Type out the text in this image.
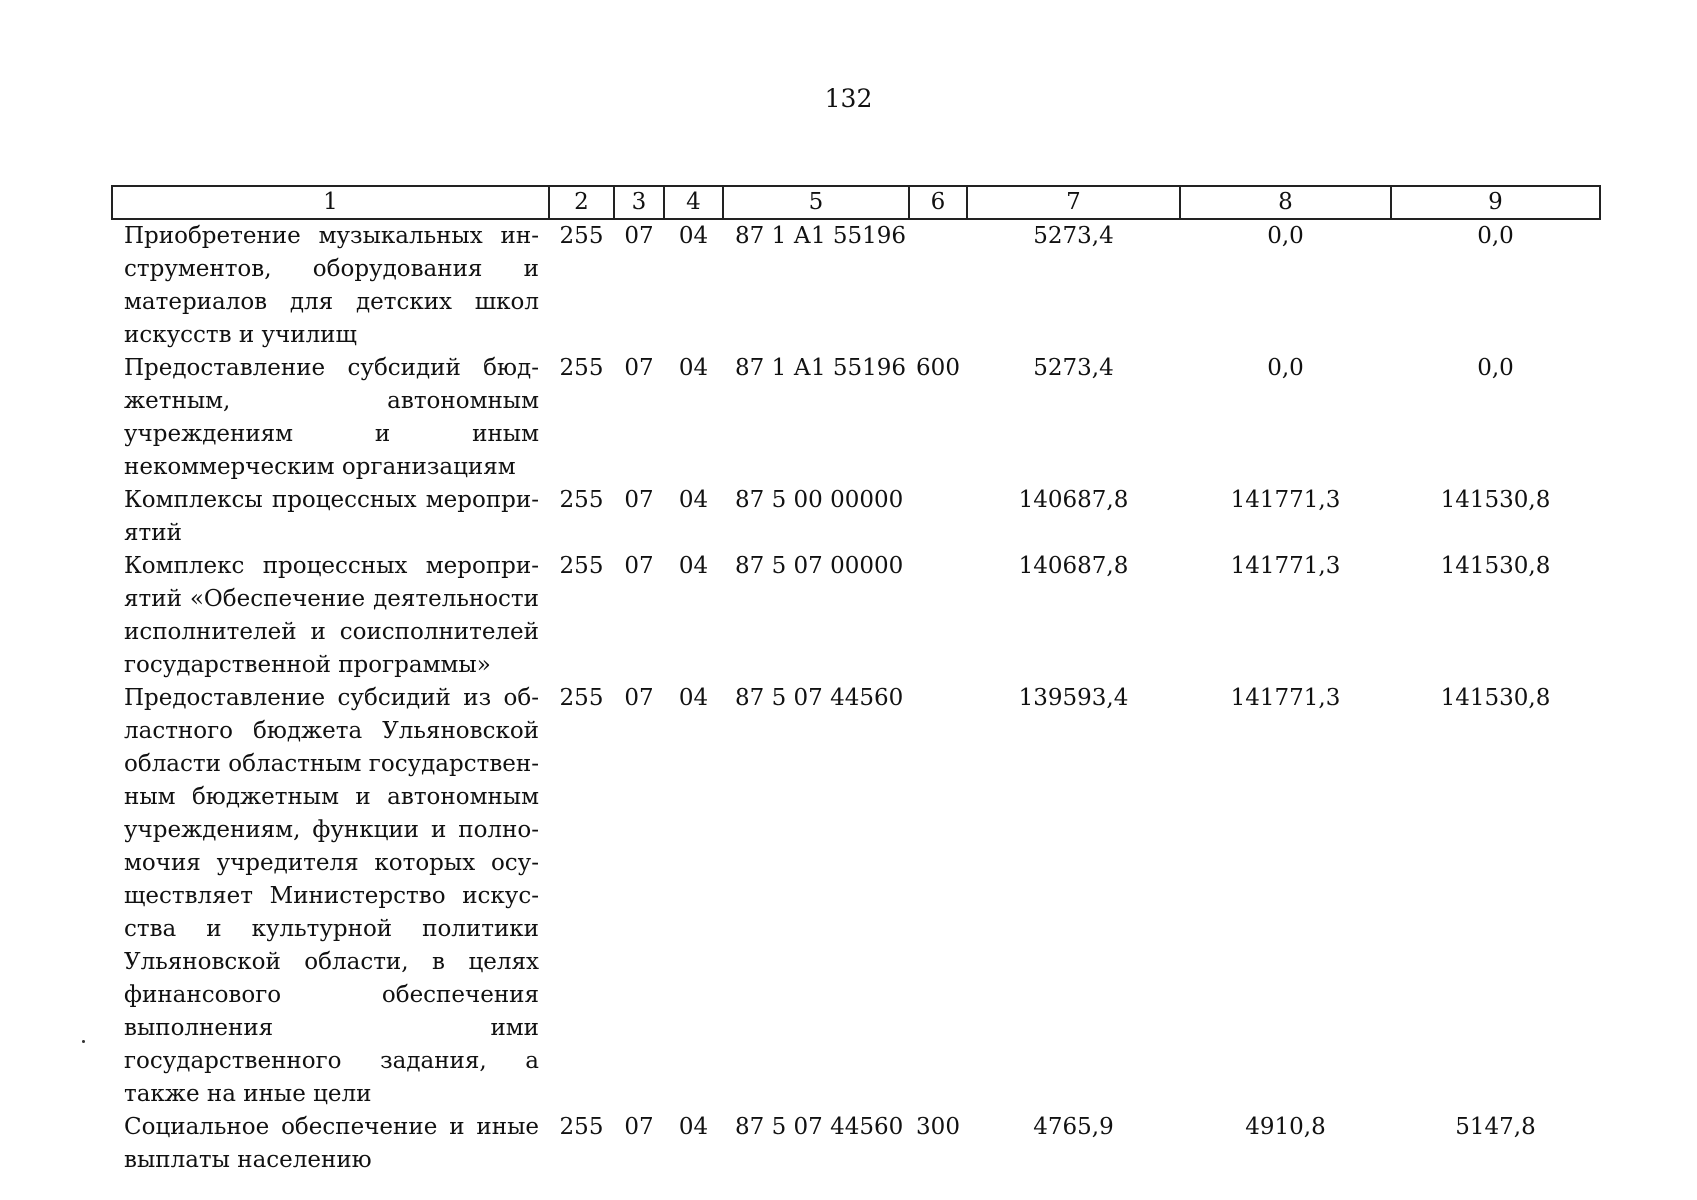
132
1	2	3	4	5	6	7	8	9
Приобретение музыкальных инструментов, оборудования и материалов для детских школ искусств и училищ	255	07	04	87 1 А1 55196		5273,4	0,0	0,0
Предоставление субсидий бюджетным, автономным учреждениям и иным некоммерческим организациям	255	07	04	87 1 А1 55196	600	5273,4	0,0	0,0
Комплексы процессных мероприятий	255	07	04	87 5 00 00000		140687,8	141771,3	141530,8
Комплекс процессных мероприятий «Обеспечение деятельности исполнителей и соисполнителей государственной программы»	255	07	04	87 5 07 00000		140687,8	141771,3	141530,8
Предоставление субсидий из областного бюджета Ульяновской области областным государственным бюджетным и автономным учреждениям, функции и полномочия учредителя которых осуществляет Министерство искусства и культурной политики Ульяновской области, в целях финансового обеспечения выполнения ими государственного задания, а также на иные цели	255	07	04	87 5 07 44560		139593,4	141771,3	141530,8
Социальное обеспечение и иные выплаты населению	255	07	04	87 5 07 44560	300	4765,9	4910,8	5147,8
